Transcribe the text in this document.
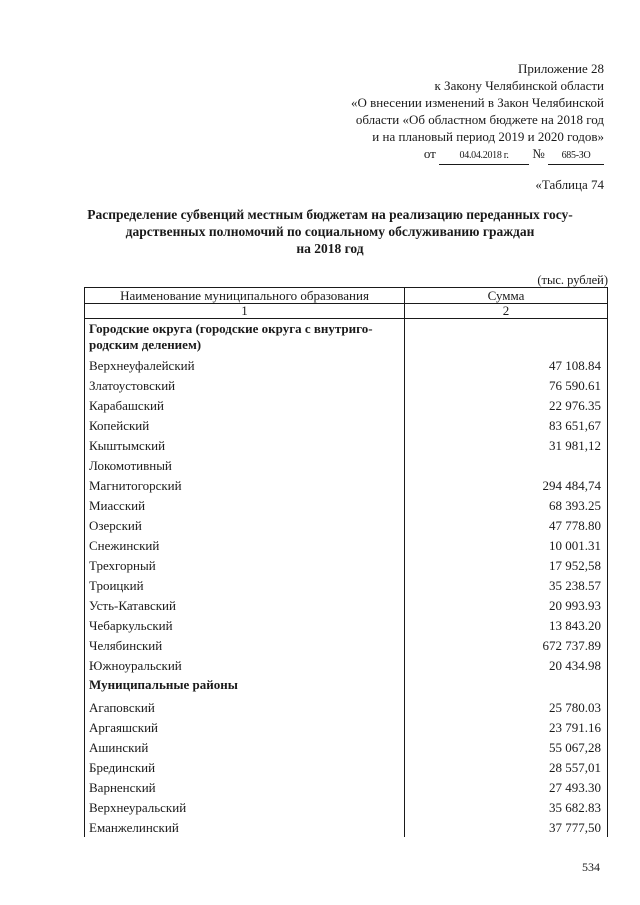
Приложение 28
к Закону Челябинской области
«О внесении изменений в Закон Челябинской
области «Об областном бюджете на 2018 год
и на плановый период 2019 и 2020 годов»
от 04.04.2018 г. № 685-ЗО
«Таблица 74
Распределение субвенций местным бюджетам на реализацию переданных госу-
дарственных полномочий по социальному обслуживанию граждан
на 2018 год
(тыс. рублей)
Наименование муниципального образования	Сумма
1	2

Городские округа (городские округа с внутриго-
родским делением)	

Верхнеуфалейский	47 108.84
Златоустовский	76 590.61
Карабашский	22 976.35
Копейский	83 651,67
Кыштымский	31 981,12
Локомотивный	
Магнитогорский	294 484,74
Миасский	68 393.25
Озерский	47 778.80
Снежинский	10 001.31
Трехгорный	17 952,58
Троицкий	35 238.57
Усть-Катавский	20 993.93
Чебаркульский	13 843.20
Челябинский	672 737.89
Южноуральский	20 434.98

Муниципальные районы	

Агаповский	25 780.03
Аргаяшский	23 791.16
Ашинский	55 067,28
Брединский	28 557,01
Варненский	27 493.30
Верхнеуральский	35 682.83
Еманжелинский	37 777,50
534
